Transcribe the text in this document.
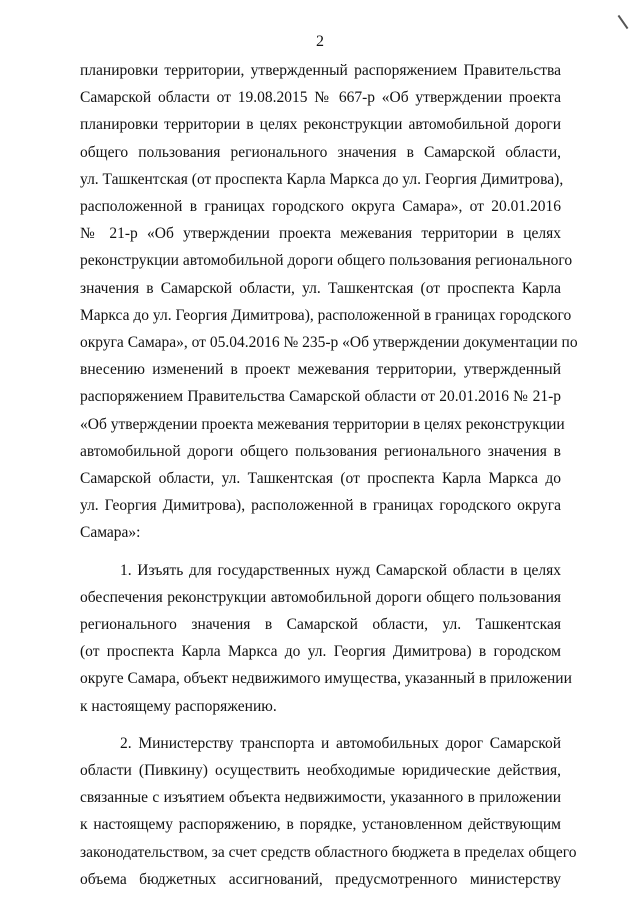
2

планировки территории, утвержденный распоряжением Правительства

Самарской области от 19.08.2015 № 667-р «Об утверждении проекта

планировки территории в целях реконструкции автомобильной дороги

общего пользования регионального значения в Самарской области,

ул. Ташкентская (от проспекта Карла Маркса до ул. Георгия Димитрова),

расположенной в границах городского округа Самара», от 20.01.2016

№ 21-р «Об утверждении проекта межевания территории в целях

реконструкции автомобильной дороги общего пользования регионального

значения в Самарской области, ул. Ташкентская (от проспекта Карла

Маркса до ул. Георгия Димитрова), расположенной в границах городского

округа Самара», от 05.04.2016 № 235-р «Об утверждении документации по

внесению изменений в проект межевания территории, утвержденный

распоряжением Правительства Самарской области от 20.01.2016 № 21-р

«Об утверждении проекта межевания территории в целях реконструкции

автомобильной дороги общего пользования регионального значения в

Самарской области, ул. Ташкентская (от проспекта Карла Маркса до

ул. Георгия Димитрова), расположенной в границах городского округа

Самара»:

1. Изъять для государственных нужд Самарской области в целях

обеспечения реконструкции автомобильной дороги общего пользования

регионального значения в Самарской области, ул. Ташкентская

(от проспекта Карла Маркса до ул. Георгия Димитрова) в городском

округе Самара, объект недвижимого имущества, указанный в приложении

к настоящему распоряжению.

2. Министерству транспорта и автомобильных дорог Самарской

области (Пивкину) осуществить необходимые юридические действия,

связанные с изъятием объекта недвижимости, указанного в приложении

к настоящему распоряжению, в порядке, установленном действующим

законодательством, за счет средств областного бюджета в пределах общего

объема бюджетных ассигнований, предусмотренного министерству
